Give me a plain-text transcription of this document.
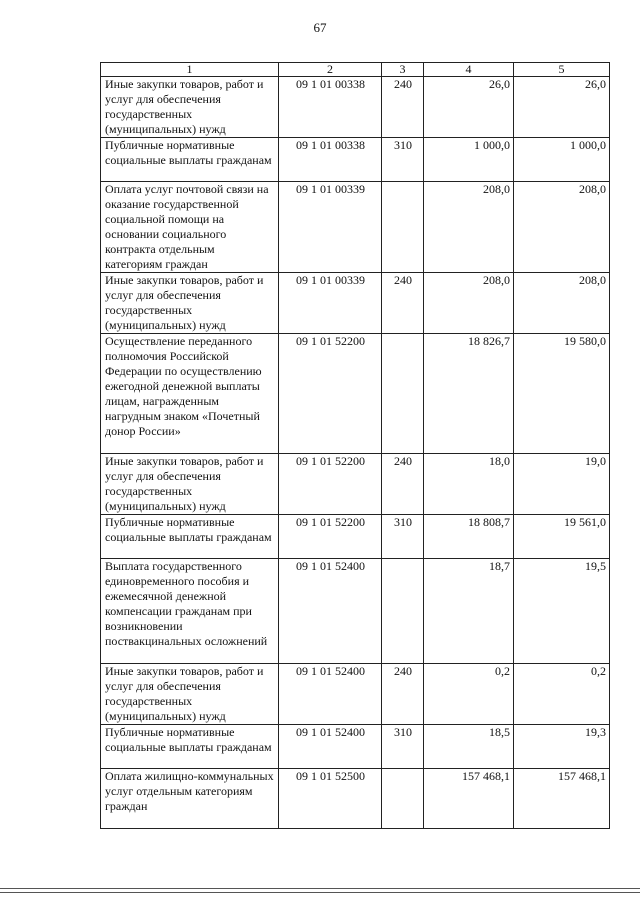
67
1	2	3	4	5
Иные закупки товаров, работ и услуг для обеспечения государственных (муниципальных) нужд	09 1 01 00338	240	26,0	26,0
Публичные нормативные социальные выплаты гражданам	09 1 01 00338	310	1 000,0	1 000,0
Оплата услуг почтовой связи на оказание государственной социальной помощи на основании социального контракта отдельным категориям граждан	09 1 01 00339		208,0	208,0
Иные закупки товаров, работ и услуг для обеспечения государственных (муниципальных) нужд	09 1 01 00339	240	208,0	208,0
Осуществление переданного полномочия Российской Федерации по осуществлению ежегодной денежной выплаты лицам, награжденным нагрудным знаком «Почетный донор России»	09 1 01 52200		18 826,7	19 580,0
Иные закупки товаров, работ и услуг для обеспечения государственных (муниципальных) нужд	09 1 01 52200	240	18,0	19,0
Публичные нормативные социальные выплаты гражданам	09 1 01 52200	310	18 808,7	19 561,0
Выплата государственного единовременного пособия и ежемесячной денежной компенсации гражданам при возникновении поствакцинальных осложнений	09 1 01 52400		18,7	19,5
Иные закупки товаров, работ и услуг для обеспечения государственных (муниципальных) нужд	09 1 01 52400	240	0,2	0,2
Публичные нормативные социальные выплаты гражданам	09 1 01 52400	310	18,5	19,3
Оплата жилищно-коммунальных услуг отдельным категориям граждан	09 1 01 52500		157 468,1	157 468,1
